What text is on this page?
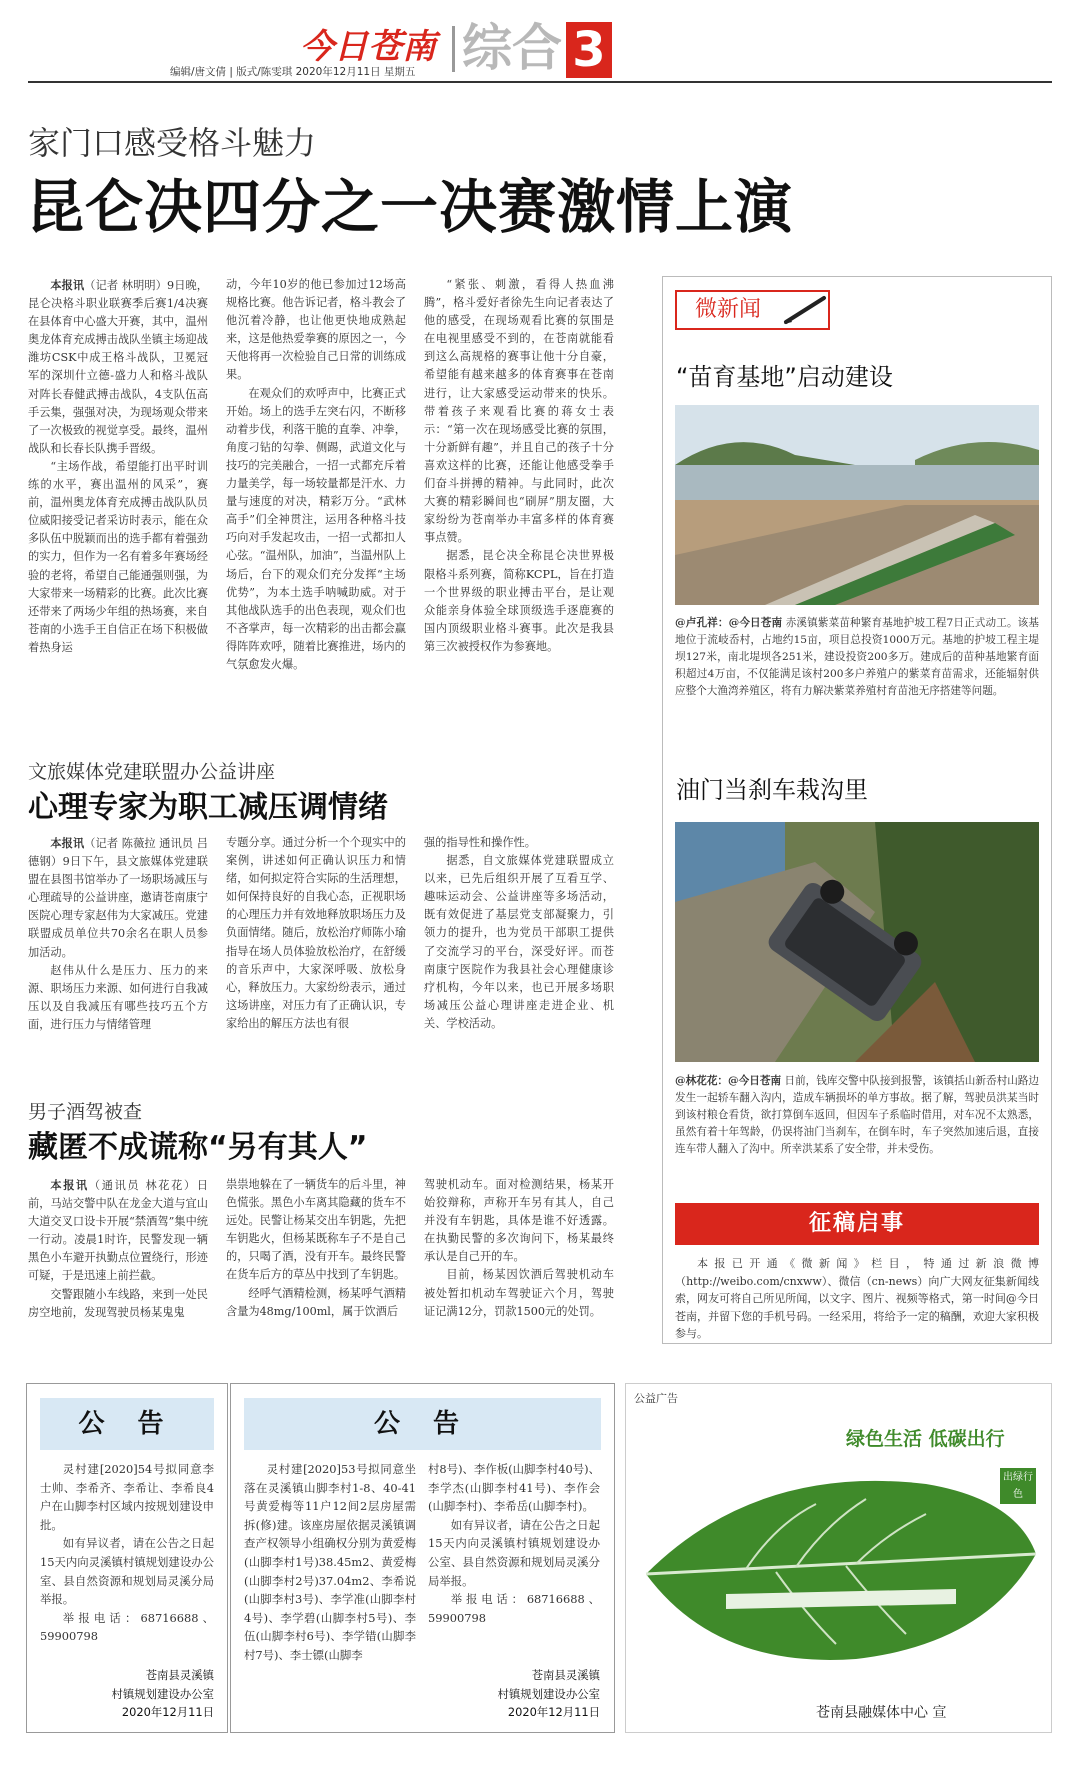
今日苍南 综合 3
编辑/唐文倩 | 版式/陈雯琪 2020年12月11日 星期五
家门口感受格斗魅力
昆仑决四分之一决赛激情上演

本报讯（记者 林明明）9日晚，昆仑决格斗职业联赛季后赛1/4决赛在县体育中心盛大开赛，其中，温州奥龙体育充成搏击战队坐镇主场迎战潍坊CSK中成王格斗战队，卫冕冠军的深圳什立德-盛力人和格斗战队对阵长春健武搏击战队，4支队伍高手云集，强强对决，为现场观众带来了一次极致的视觉享受。最终，温州战队和长春长队携手晋级。

“主场作战，希望能打出平时训练的水平，赛出温州的风采”，赛前，温州奥龙体育充成搏击战队队员位威阳接受记者采访时表示，能在众多队伍中脱颖而出的选手都有着强劲的实力，但作为一名有着多年赛场经验的老将，希望自己能通强则强，为大家带来一场精彩的比赛。此次比赛还带来了两场少年组的热场赛，来自苍南的小选手王自信正在场下积极做着热身运

动，今年10岁的他已参加过12场高规格比赛。他告诉记者，格斗教会了他沉着冷静，也让他更快地成熟起来，这是他热爱拳赛的原因之一，今天他将再一次检验自己日常的训练成果。

在观众们的欢呼声中，比赛正式开始。场上的选手左突右闪，不断移动着步伐，利落干脆的直拳、冲拳，角度刁钻的勾拳、侧踢，武道文化与技巧的完美融合，一招一式都充斥着力量美学，每一场较量都是汗水、力量与速度的对决，精彩万分。“武林高手”们全神贯注，运用各种格斗技巧向对手发起攻击，一招一式都扣人心弦。“温州队，加油”，当温州队上场后，台下的观众们充分发挥“主场优势”，为本土选手呐喊助威。对于其他战队选手的出色表现，观众们也不吝掌声，每一次精彩的出击都会赢得阵阵欢呼，随着比赛推进，场内的气氛愈发火爆。

“紧张、刺激，看得人热血沸腾”，格斗爱好者徐先生向记者表达了他的感受，在现场观看比赛的氛围是在电视里感受不到的，在苍南就能看到这么高规格的赛事让他十分自豪，希望能有越来越多的体育赛事在苍南进行，让大家感受运动带来的快乐。带着孩子来观看比赛的蒋女士表示：“第一次在现场感受比赛的氛围，十分新鲜有趣”，并且自己的孩子十分喜欢这样的比赛，还能让他感受拳手们奋斗拼搏的精神。与此同时，此次大赛的精彩瞬间也“刷屏”朋友圈，大家纷纷为苍南举办丰富多样的体育赛事点赞。

据悉，昆仑决全称昆仑决世界极限格斗系列赛，简称KCPL，旨在打造一个世界级的职业搏击平台，是让观众能亲身体验全球顶级选手逐鹿赛的国内顶级职业格斗赛事。此次是我县第三次被授权作为参赛地。

文旅媒体党建联盟办公益讲座
心理专家为职工减压调情绪

本报讯（记者 陈薇拉 通讯员 吕德钢）9日下午，县文旅媒体党建联盟在县图书馆举办了一场职场减压与心理疏导的公益讲座，邀请苍南康宁医院心理专家赵伟为大家减压。党建联盟成员单位共70余名在职人员参加活动。

赵伟从什么是压力、压力的来源、职场压力来源、如何进行自我减压以及自我减压有哪些技巧五个方面，进行压力与情绪管理

专题分享。通过分析一个个现实中的案例，讲述如何正确认识压力和情绪，如何拟定符合实际的生活理想，如何保持良好的自我心态，正视职场的心理压力并有效地释放职场压力及负面情绪。随后，放松治疗师陈小瑜指导在场人员体验放松治疗，在舒缓的音乐声中，大家深呼吸、放松身心，释放压力。大家纷纷表示，通过这场讲座，对压力有了正确认识，专家给出的解压方法也有很

强的指导性和操作性。

据悉，自文旅媒体党建联盟成立以来，已先后组织开展了互看互学、趣味运动会、公益讲座等多场活动，既有效促进了基层党支部凝聚力，引领力的提升，也为党员干部职工提供了交流学习的平台，深受好评。而苍南康宁医院作为我县社会心理健康诊疗机构，今年以来，也已开展多场职场减压公益心理讲座走进企业、机关、学校活动。

男子酒驾被查
藏匿不成谎称“另有其人”

本报讯（通讯员 林花花）日前，马站交警中队在龙金大道与宜山大道交叉口设卡开展“禁酒驾”集中统一行动。凌晨1时许，民警发现一辆黑色小车避开执勤点位置绕行，形迹可疑，于是迅速上前拦截。

交警跟随小车线路，来到一处民房空地前，发现驾驶员杨某鬼鬼

祟祟地躲在了一辆货车的后斗里，神色慌张。黑色小车离其隐藏的货车不远处。民警让杨某交出车钥匙，先把车钥匙火，但杨某既称车子不是自己的，只喝了酒，没有开车。最终民警在货车后方的草丛中找到了车钥匙。

经呼气酒精检测，杨某呼气酒精含量为48mg/100ml，属于饮酒后

驾驶机动车。面对检测结果，杨某开始狡辩称，声称开车另有其人，自己并没有车钥匙，具体是谁不好透露。在执勤民警的多次询问下，杨某最终承认是自己开的车。

目前，杨某因饮酒后驾驶机动车被处暂扣机动车驾驶证六个月，驾驶证记满12分，罚款1500元的处罚。

微新闻
“苗育基地”启动建设
@卢孔祥：@今日苍南 赤溪镇紫菜苗种繁育基地护坡工程7日正式动工。该基地位于流岐岙村，占地约15亩，项目总投资1000万元。基地的护坡工程主堤坝127米，南北堤坝各251米，建设投资200多万。建成后的苗种基地繁育面积超过4万亩，不仅能满足该村200多户养殖户的紫菜育苗需求，还能辐射供应整个大渔湾养殖区，将有力解决紫菜养殖村育苗池无序搭建等问题。
油门当刹车栽沟里
@林花花：@今日苍南 日前，钱库交警中队接到报警，该镇括山新岙村山路边发生一起轿车翻入沟内，造成车辆损坏的单方事故。据了解，驾驶员洪某当时到该村粮仓看货，欲打算倒车返回，但因车子系临时借用，对车况不太熟悉，虽然有着十年驾龄，仍误将油门当刹车，在倒车时，车子突然加速后退，直接连车带人翻入了沟中。所幸洪某系了安全带，并未受伤。
征稿启事
本报已开通《微新闻》栏目，特通过新浪微博（http://weibo.com/cnxww）、微信（cn-news）向广大网友征集新闻线索，网友可将自己所见所闻，以文字、图片、视频等格式，第一时间@今日苍南，并留下您的手机号码。一经采用，将给予一定的稿酬，欢迎大家积极参与。
公 告

灵村建[2020]54号拟同意李士帅、李希齐、李希让、李希良4户在山脚李村区域内按规划建设申批。

如有异议者，请在公告之日起15天内向灵溪镇村镇规划建设办公室、县自然资源和规划局灵溪分局举报。

举报电话：68716688、59900798

苍南县灵溪镇
村镇规划建设办公室
2020年12月11日
公 告
灵村建[2020]53号拟同意坐落在灵溪镇山脚李村1-8、40-41号黄爱梅等11户12间2层房屋需拆(修)建。该座房屋依据灵溪镇调查产权领导小组确权分别为黄爱梅(山脚李村1号)38.45m2、黄爱梅(山脚李村2号)37.04m2、李希说(山脚李村3号)、李学准(山脚李村4号)、李学碧(山脚李村5号)、李伍(山脚李村6号)、李学错(山脚李村7号)、李士镖(山脚李

村8号)、李作板(山脚李村40号)、李学杰(山脚李村41号)、李作会(山脚李村)、李希岳(山脚李村)。

如有异议者，请在公告之日起15天内向灵溪镇村镇规划建设办公室、县自然资源和规划局灵溪分局举报。

举报电话：68716688、59900798

苍南县灵溪镇
村镇规划建设办公室
2020年12月11日
公益广告
绿色生活 低碳出行
出绿行色
苍南县融媒体中心 宣
